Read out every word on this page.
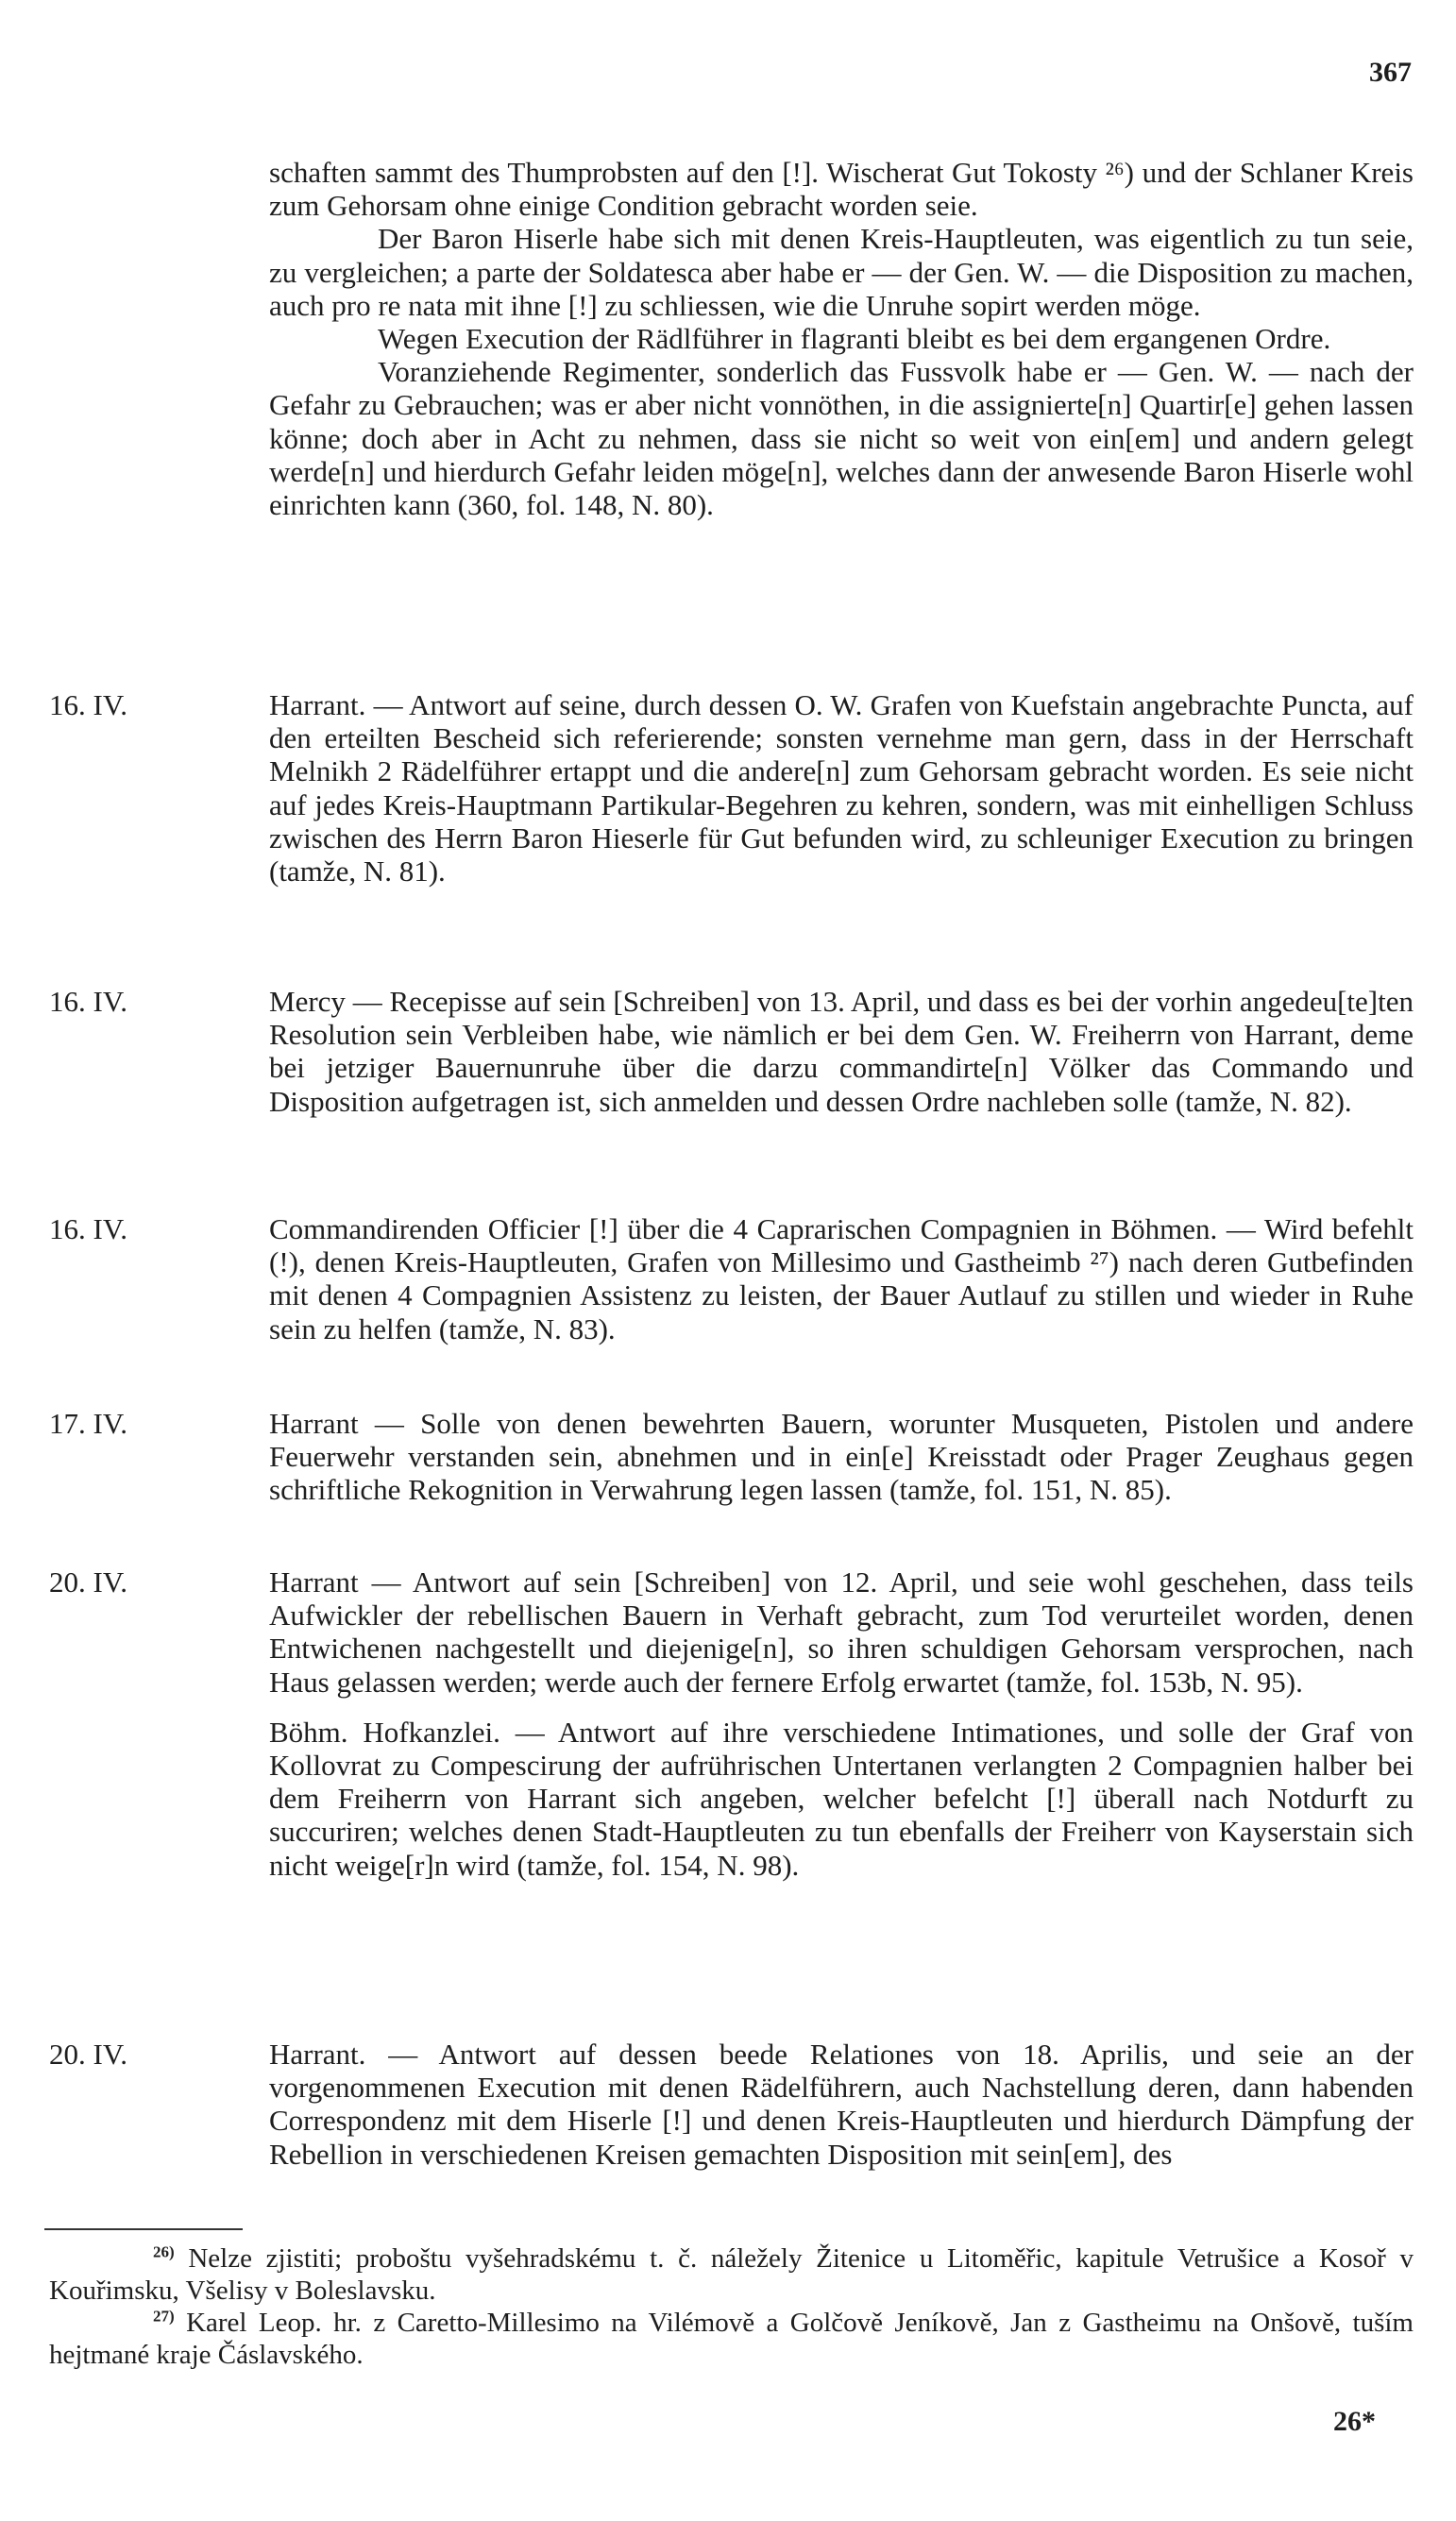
367

schaften sammt des Thumprobsten auf den [!]. Wischerat Gut Tokosty ²⁶) und der Schlaner Kreis zum Gehorsam ohne einige Condition gebracht worden seie.

Der Baron Hiserle habe sich mit denen Kreis-Hauptleuten, was eigentlich zu tun seie, zu vergleichen; a parte der Soldatesca aber habe er — der Gen. W. — die Disposition zu machen, auch pro re nata mit ihne [!] zu schliessen, wie die Unruhe sopirt werden möge.

Wegen Execution der Rädlführer in flagranti bleibt es bei dem ergangenen Ordre.

Voranziehende Regimenter, sonderlich das Fussvolk habe er — Gen. W. — nach der Gefahr zu Gebrauchen; was er aber nicht vonnöthen, in die assignierte[n] Quartir[e] gehen lassen könne; doch aber in Acht zu nehmen, dass sie nicht so weit von ein[em] und andern gelegt werde[n] und hierdurch Gefahr leiden möge[n], welches dann der anwesende Baron Hiserle wohl einrichten kann (360, fol. 148, N. 80).

16. IV.	Harrant. — Antwort auf seine, durch dessen O. W. Grafen von Kuefstain angebrachte Puncta, auf den erteilten Bescheid sich referierende; sonsten vernehme man gern, dass in der Herrschaft Melnikh 2 Rädelführer ertappt und die andere[n] zum Gehorsam gebracht worden. Es seie nicht auf jedes Kreis-Hauptmann Partikular-Begehren zu kehren, sondern, was mit einhelligen Schluss zwischen des Herrn Baron Hieserle für Gut befunden wird, zu schleuniger Execution zu bringen (tamže, N. 81).

16. IV.	Mercy — Recepisse auf sein [Schreiben] von 13. April, und dass es bei der vorhin angedeu[te]ten Resolution sein Verbleiben habe, wie nämlich er bei dem Gen. W. Freiherrn von Harrant, deme bei jetziger Bauernunruhe über die darzu commandirte[n] Völker das Commando und Disposition aufgetragen ist, sich anmelden und dessen Ordre nachleben solle (tamže, N. 82).

16. IV.	Commandirenden Officier [!] über die 4 Caprarischen Compagnien in Böhmen. — Wird befehlt (!), denen Kreis-Hauptleuten, Grafen von Millesimo und Gastheimb ²⁷) nach deren Gutbefinden mit denen 4 Compagnien Assistenz zu leisten, der Bauer Autlauf zu stillen und wieder in Ruhe sein zu helfen (tamže, N. 83).

17. IV.	Harrant — Solle von denen bewehrten Bauern, worunter Musqueten, Pistolen und andere Feuerwehr verstanden sein, abnehmen und in ein[e] Kreisstadt oder Prager Zeughaus gegen schriftliche Rekognition in Verwahrung legen lassen (tamže, fol. 151, N. 85).

20. IV.	Harrant — Antwort auf sein [Schreiben] von 12. April, und seie wohl geschehen, dass teils Aufwickler der rebellischen Bauern in Verhaft gebracht, zum Tod verurteilet worden, denen Entwichenen nachgestellt und diejenige[n], so ihren schuldigen Gehorsam versprochen, nach Haus gelassen werden; werde auch der fernere Erfolg erwartet (tamže, fol. 153b, N. 95).

Böhm. Hofkanzlei. — Antwort auf ihre verschiedene Intimationes, und solle der Graf von Kollovrat zu Compescirung der aufrührischen Untertanen verlangten 2 Compagnien halber bei dem Freiherrn von Harrant sich angeben, welcher befelcht [!] überall nach Notdurft zu succuriren; welches denen Stadt-Hauptleuten zu tun ebenfalls der Freiherr von Kayserstain sich nicht weige[r]n wird (tamže, fol. 154, N. 98).

20. IV.	Harrant. — Antwort auf dessen beede Relationes von 18. Aprilis, und seie an der vorgenommenen Execution mit denen Rädelführern, auch Nachstellung deren, dann habenden Correspondenz mit dem Hiserle [!] und denen Kreis-Hauptleuten und hierdurch Dämpfung der Rebellion in verschiedenen Kreisen gemachten Disposition mit sein[em], des

$^{26)}$ Nelze zjistiti; proboštu vyšehradskému t. č. náležely Žitenice u Litoměřic, kapitule Vetrušice a Kosoř v Kouřimsku, Všelisy v Boleslavsku.

$^{27)}$ Karel Leop. hr. z Caretto-Millesimo na Vilémově a Golčově Jeníkově, Jan z Gastheimu na Onšově, tuším hejtmané kraje Čáslavského.

26*
